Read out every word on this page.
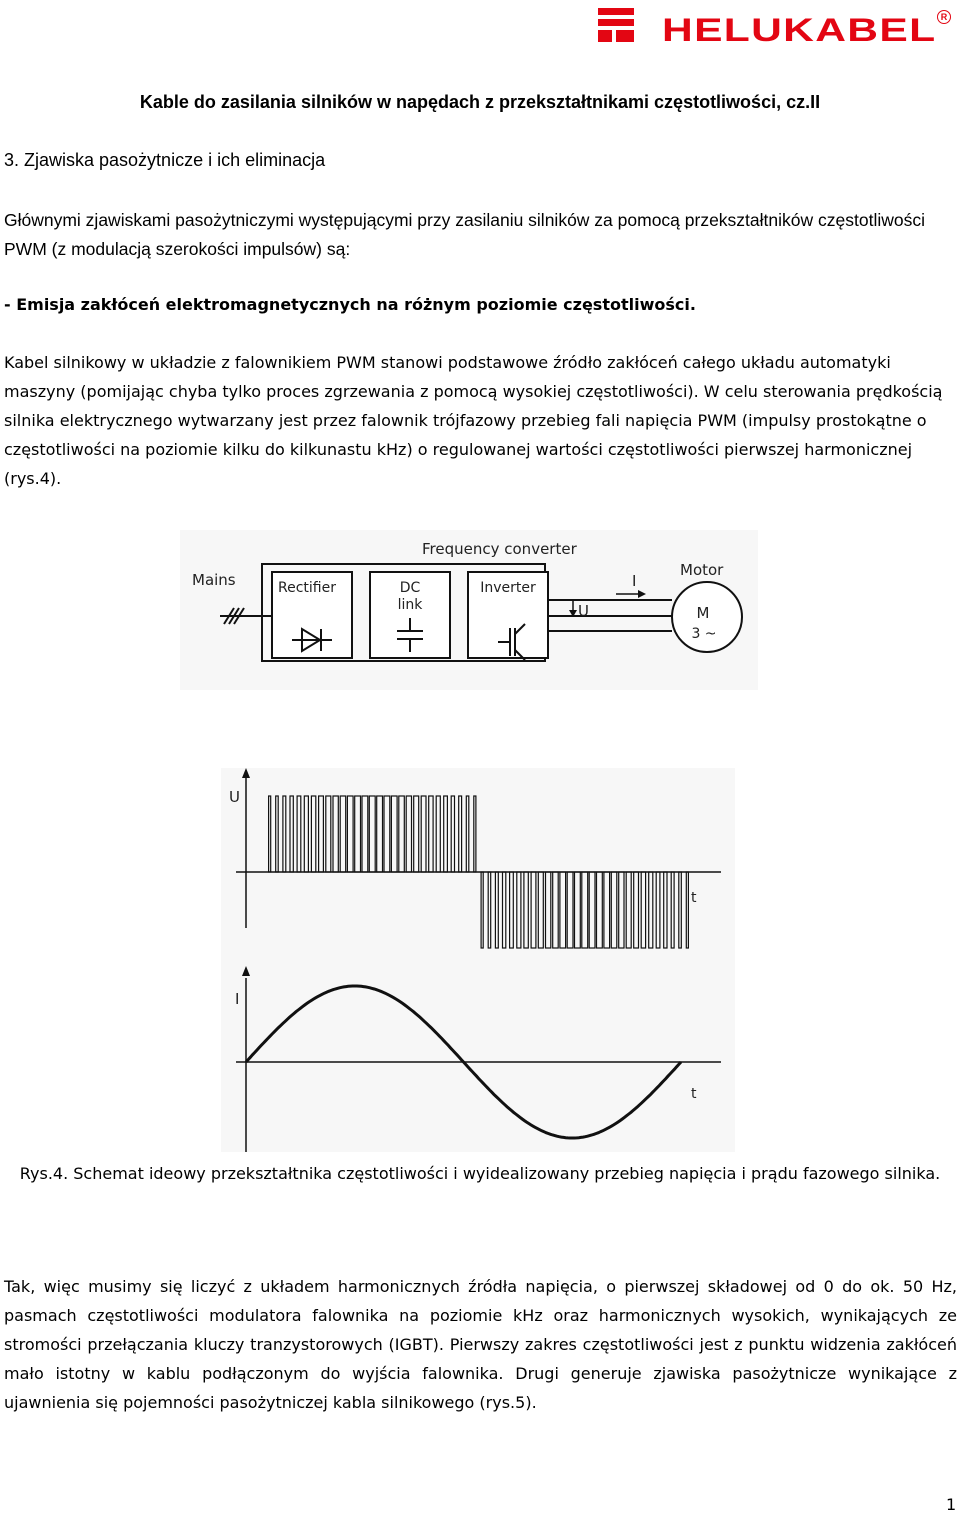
HELUKABEL R
Kable do zasilania silników w napędach z przekształtnikami częstotliwości, cz.II
3. Zjawiska pasożytnicze i ich eliminacja
Głównymi zjawiskami pasożytniczymi występującymi przy zasilaniu silników za pomocą przekształtników częstotliwości PWM (z modulacją szerokości impulsów) są:
- Emisja zakłóceń elektromagnetycznych na różnym poziomie częstotliwości.
Kabel silnikowy w układzie z falownikiem PWM stanowi podstawowe źródło zakłóceń całego układu automatyki maszyny (pomijając chyba tylko proces zgrzewania z pomocą wysokiej częstotliwości). W celu sterowania prędkością silnika elektrycznego wytwarzany jest przez falownik trójfazowy przebieg fali napięcia PWM (impulsy prostokątne o częstotliwości na poziomie kilku do kilkunastu kHz) o regulowanej wartości częstotliwości pierwszej harmonicznej (rys.4).
Frequency converter
Mains	Rectifier	DC
link
Inverter	I
U
Motor
M
3 ~
U
t
I
t
Rys.4. Schemat ideowy przekształtnika częstotliwości i wyidealizowany przebieg napięcia i prądu fazowego silnika.
Tak, więc musimy się liczyć z układem harmonicznych źródła napięcia, o pierwszej składowej od 0 do ok. 50 Hz, pasmach częstotliwości modulatora falownika na poziomie kHz oraz harmonicznych wysokich, wynikających ze stromości przełączania kluczy tranzystorowych (IGBT). Pierwszy zakres częstotliwości jest z punktu widzenia zakłóceń mało istotny w kablu podłączonym do wyjścia falownika. Drugi generuje zjawiska pasożytnicze wynikające z ujawnienia się pojemności pasożytniczej kabla silnikowego (rys.5).
1
